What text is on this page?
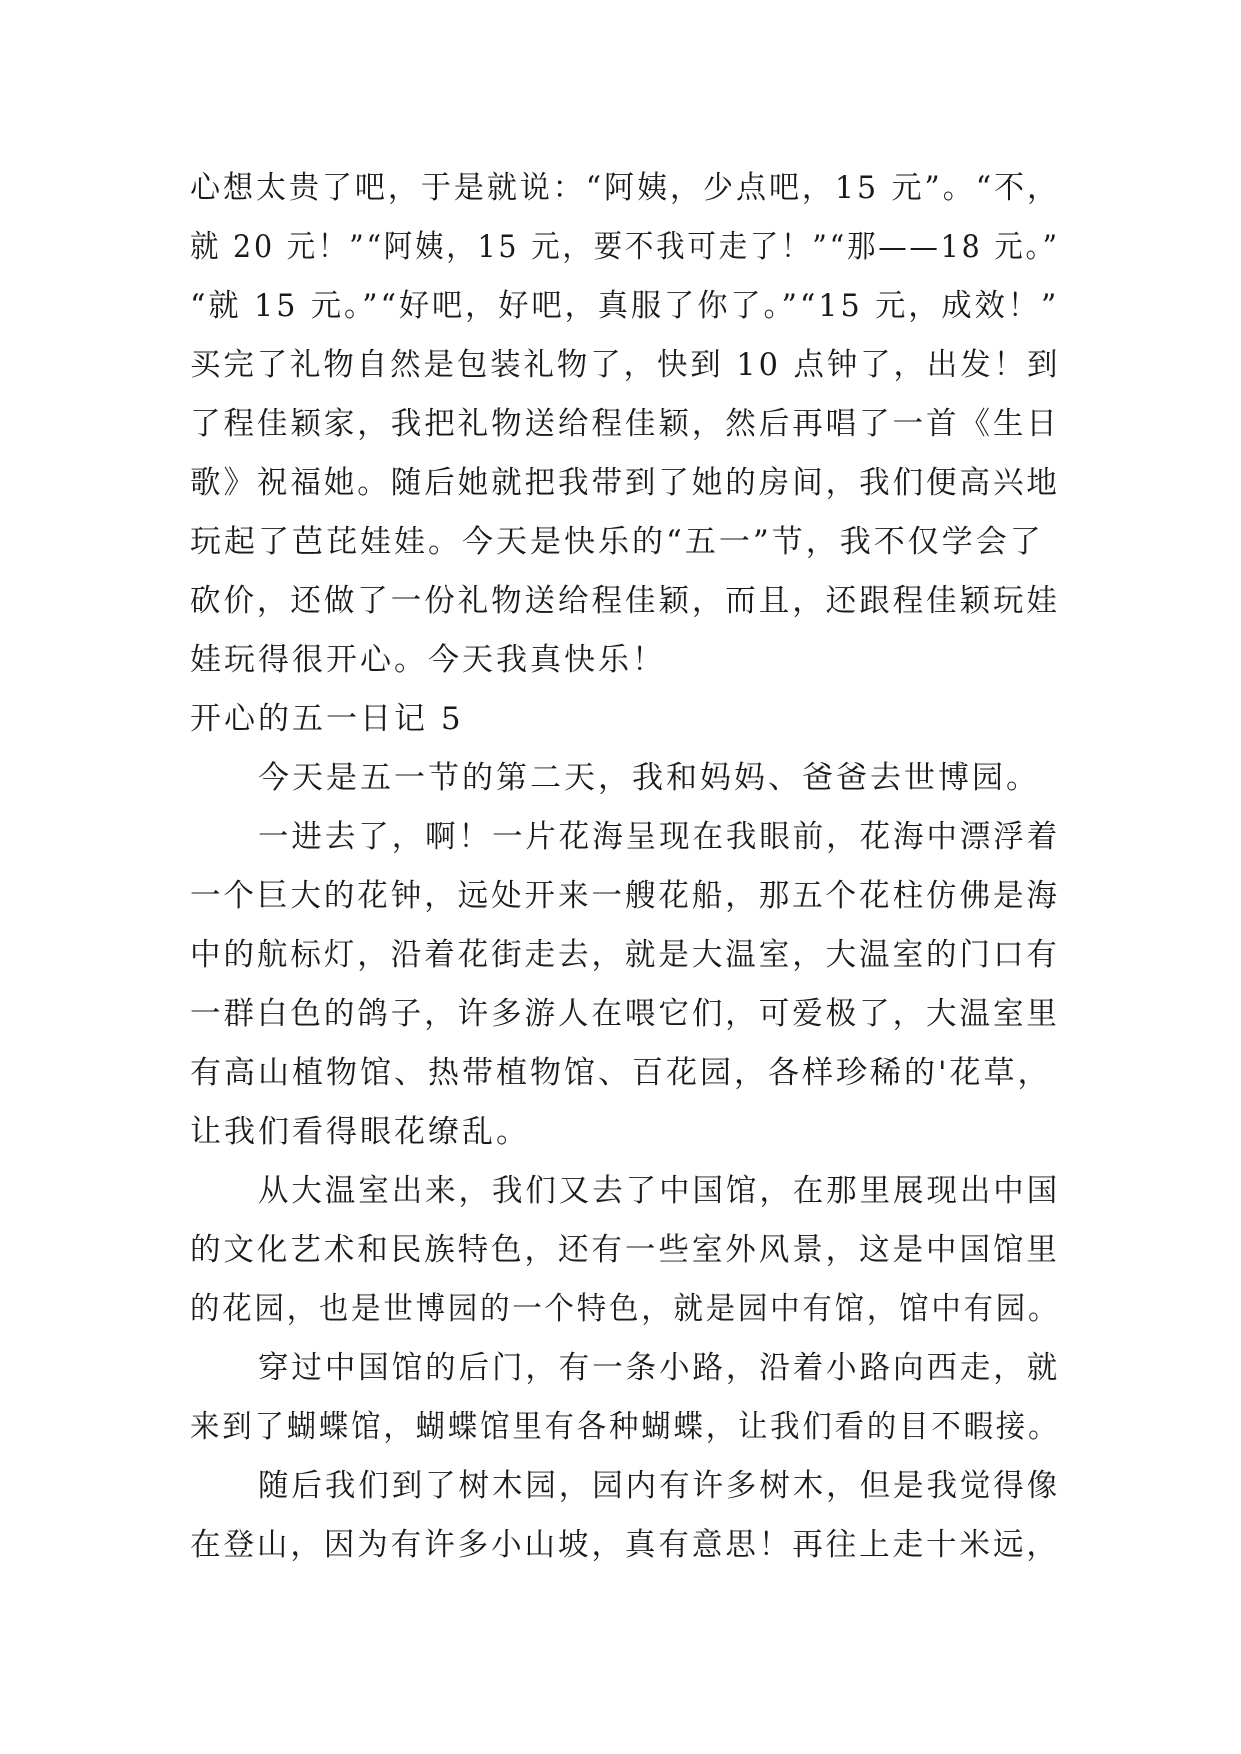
心想太贵了吧，于是就说：“阿姨，少点吧，15 元”。“不，
就 20 元！”“阿姨，15 元，要不我可走了！”“那——18 元。”
“就 15 元。”“好吧，好吧，真服了你了。”“15 元，成效！”
买完了礼物自然是包装礼物了，快到 10 点钟了，出发！到
了程佳颖家，我把礼物送给程佳颖，然后再唱了一首《生日
歌》祝福她。随后她就把我带到了她的房间，我们便高兴地
玩起了芭芘娃娃。今天是快乐的“五一”节，我不仅学会了
砍价，还做了一份礼物送给程佳颖，而且，还跟程佳颖玩娃
娃玩得很开心。今天我真快乐！
开心的五一日记 5
今天是五一节的第二天，我和妈妈、爸爸去世博园。
一进去了，啊！一片花海呈现在我眼前，花海中漂浮着
一个巨大的花钟，远处开来一艘花船，那五个花柱仿佛是海
中的航标灯，沿着花街走去，就是大温室，大温室的门口有
一群白色的鸽子，许多游人在喂它们，可爱极了，大温室里
有高山植物馆、热带植物馆、百花园，各样珍稀的'花草，
让我们看得眼花缭乱。
从大温室出来，我们又去了中国馆，在那里展现出中国
的文化艺术和民族特色，还有一些室外风景，这是中国馆里
的花园，也是世博园的一个特色，就是园中有馆，馆中有园。
穿过中国馆的后门，有一条小路，沿着小路向西走，就
来到了蝴蝶馆，蝴蝶馆里有各种蝴蝶，让我们看的目不暇接。
随后我们到了树木园，园内有许多树木，但是我觉得像
在登山，因为有许多小山坡，真有意思！再往上走十米远，
